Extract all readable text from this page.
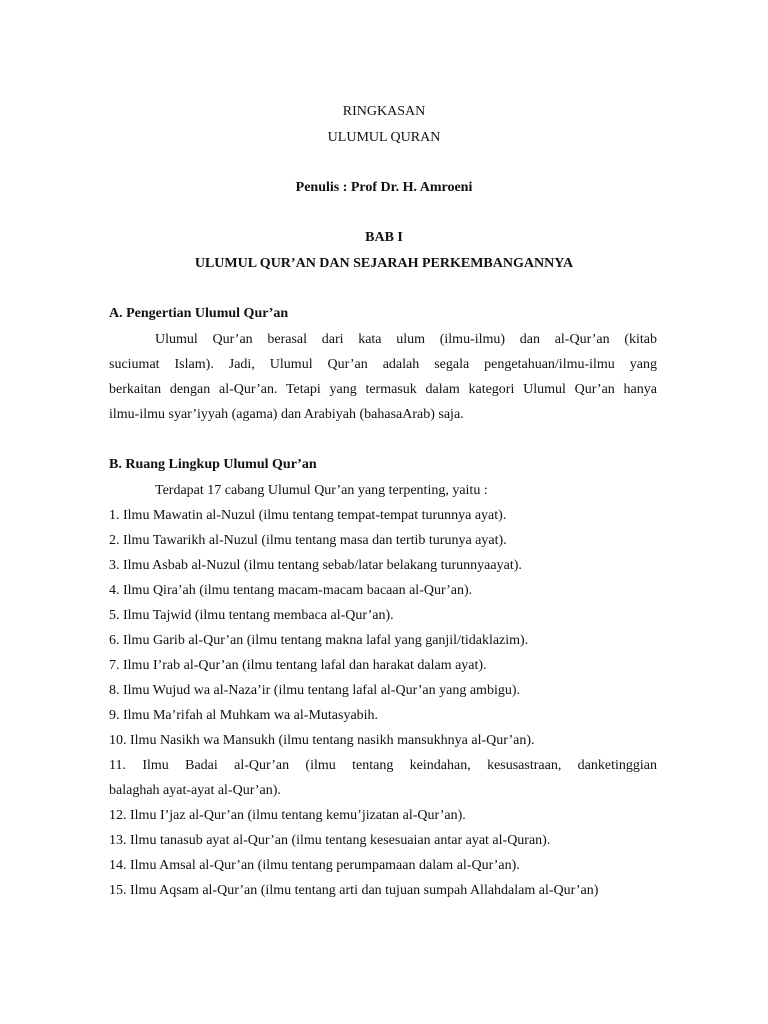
RINGKASAN
ULUMUL QURAN
Penulis : Prof Dr. H. Amroeni
BAB I
ULUMUL QUR’AN DAN SEJARAH PERKEMBANGANNYA
A. Pengertian Ulumul Qur’an
Ulumul Qur’an berasal dari kata ulum (ilmu-ilmu) dan al-Qur’an (kitab
suciumat Islam). Jadi, Ulumul Qur’an adalah segala pengetahuan/ilmu-ilmu yang
berkaitan dengan al-Qur’an. Tetapi yang termasuk dalam kategori Ulumul Qur’an hanya
ilmu-ilmu syar’iyyah (agama) dan Arabiyah (bahasaArab) saja.
B. Ruang Lingkup Ulumul Qur’an
Terdapat 17 cabang Ulumul Qur’an yang terpenting, yaitu :
1. Ilmu Mawatin al-Nuzul (ilmu tentang tempat-tempat turunnya ayat).
2. Ilmu Tawarikh al-Nuzul (ilmu tentang masa dan tertib turunya ayat).
3. Ilmu Asbab al-Nuzul (ilmu tentang sebab/latar belakang turunnyaayat).
4. Ilmu Qira’ah (ilmu tentang macam-macam bacaan al-Qur’an).
5. Ilmu Tajwid (ilmu tentang membaca al-Qur’an).
6. Ilmu Garib al-Qur’an (ilmu tentang makna lafal yang ganjil/tidaklazim).
7. Ilmu I’rab al-Qur’an (ilmu tentang lafal dan harakat dalam ayat).
8. Ilmu Wujud wa al-Naza’ir (ilmu tentang lafal al-Qur’an yang ambigu).
9. Ilmu Ma’rifah al Muhkam wa al-Mutasyabih.
10. Ilmu Nasikh wa Mansukh (ilmu tentang nasikh mansukhnya al-Qur’an).
11. Ilmu Badai al-Qur’an (ilmu tentang keindahan, kesusastraan, danketinggian
balaghah ayat-ayat al-Qur’an).
12. Ilmu I’jaz al-Qur’an (ilmu tentang kemu’jizatan al-Qur’an).
13. Ilmu tanasub ayat al-Qur’an (ilmu tentang kesesuaian antar ayat al-Quran).
14. Ilmu Amsal al-Qur’an (ilmu tentang perumpamaan dalam al-Qur’an).
15. Ilmu Aqsam al-Qur’an (ilmu tentang arti dan tujuan sumpah Allahdalam al-Qur’an)
